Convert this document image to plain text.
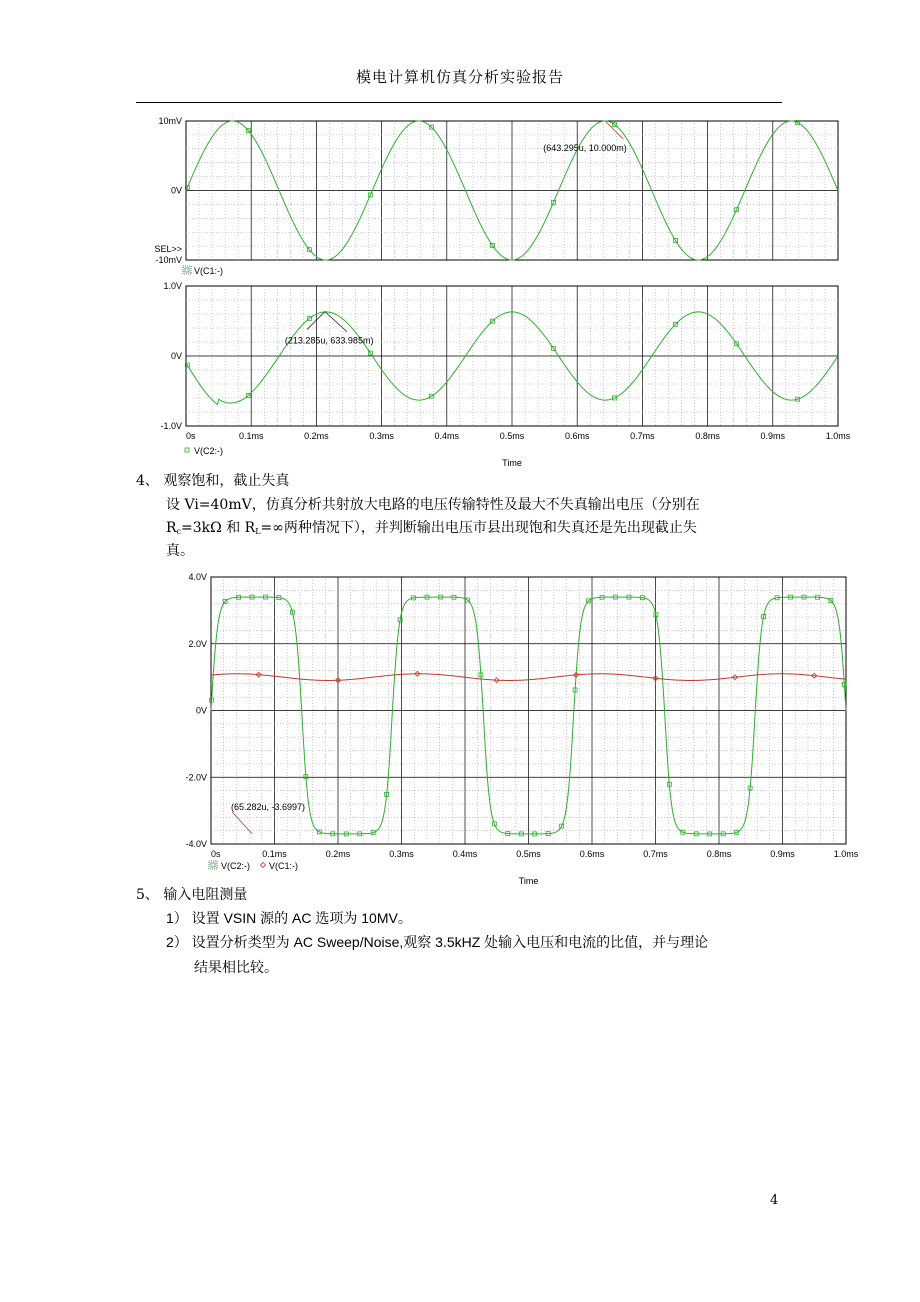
模电计算机仿真分析实验报告
10mV
0V
-10mV
SEL>>
(643.295u, 10.000m)
V(C1:-)
1.0V
0V
-1.0V
0s	0.1ms	0.2ms	0.3ms	0.4ms	0.5ms	0.6ms	0.7ms	0.8ms	0.9ms	1.0ms
(213.285u, 633.985m)
V(C2:-)
Time
4、 观察饱和，截止失真
设 Vi=40mV，仿真分析共射放大电路的电压传输特性及最大不失真输出电压（分别在
$R_c=3k\Omega$ 和 $R_L=\infty$两种情况下），并判断输出电压市县出现饱和失真还是先出现截止失
真。
4.0V
2.0V
0V
-2.0V
-4.0V
0s	0.1ms	0.2ms	0.3ms	0.4ms	0.5ms	0.6ms	0.7ms	0.8ms	0.9ms	1.0ms
(65.282u, -3.6997)
V(C2:-) V(C1:-)
Time
5、 输入电阻测量
1） 设置 VSIN 源的 AC 选项为 10MV。
2） 设置分析类型为 AC Sweep/Noise,观察 3.5kHZ 处输入电压和电流的比值，并与理论
结果相比较。
4
